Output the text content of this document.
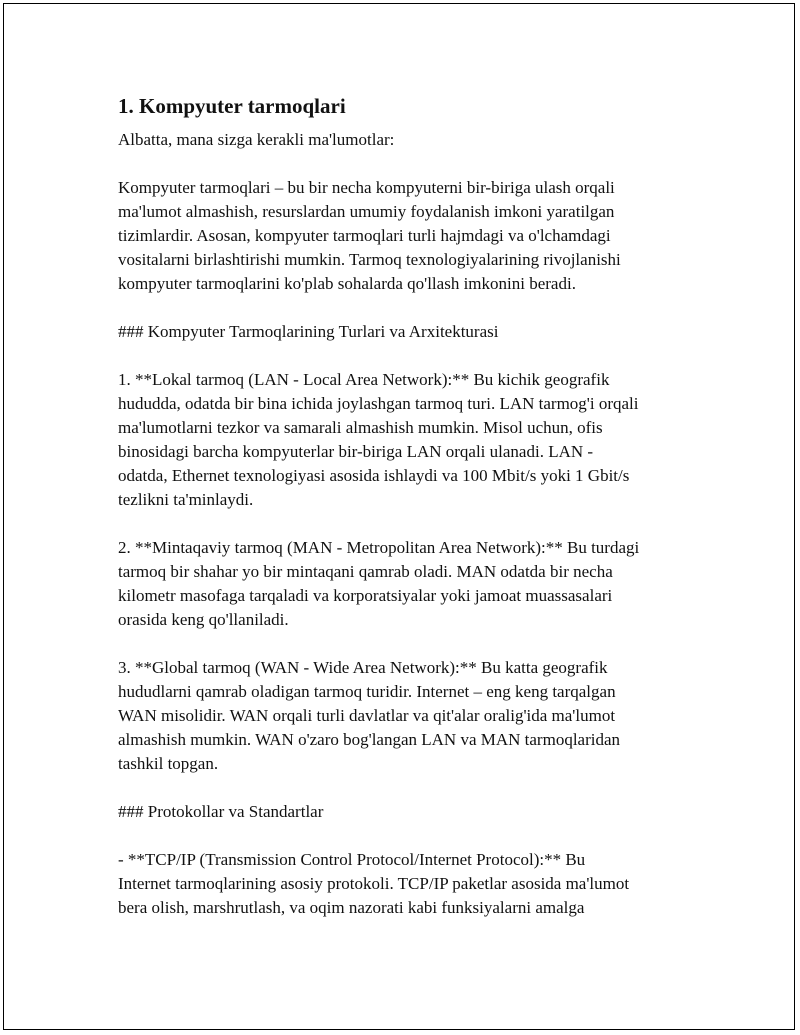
1. Kompyuter tarmoqlari
Albatta, mana sizga kerakli ma'lumotlar:
Kompyuter tarmoqlari – bu bir necha kompyuterni bir-biriga ulash orqali
ma'lumot almashish, resurslardan umumiy foydalanish imkoni yaratilgan
tizimlardir. Asosan, kompyuter tarmoqlari turli hajmdagi va o'lchamdagi
vositalarni birlashtirishi mumkin. Tarmoq texnologiyalarining rivojlanishi
kompyuter tarmoqlarini ko'plab sohalarda qo'llash imkonini beradi.
### Kompyuter Tarmoqlarining Turlari va Arxitekturasi
1. **Lokal tarmoq (LAN - Local Area Network):** Bu kichik geografik
hududda, odatda bir bina ichida joylashgan tarmoq turi. LAN tarmog'i orqali
ma'lumotlarni tezkor va samarali almashish mumkin. Misol uchun, ofis
binosidagi barcha kompyuterlar bir-biriga LAN orqali ulanadi. LAN -
odatda, Ethernet texnologiyasi asosida ishlaydi va 100 Mbit/s yoki 1 Gbit/s
tezlikni ta'minlaydi.
2. **Mintaqaviy tarmoq (MAN - Metropolitan Area Network):** Bu turdagi
tarmoq bir shahar yo bir mintaqani qamrab oladi. MAN odatda bir necha
kilometr masofaga tarqaladi va korporatsiyalar yoki jamoat muassasalari
orasida keng qo'llaniladi.
3. **Global tarmoq (WAN - Wide Area Network):** Bu katta geografik
hududlarni qamrab oladigan tarmoq turidir. Internet – eng keng tarqalgan
WAN misolidir. WAN orqali turli davlatlar va qit'alar oralig'ida ma'lumot
almashish mumkin. WAN o'zaro bog'langan LAN va MAN tarmoqlaridan
tashkil topgan.
### Protokollar va Standartlar
- **TCP/IP (Transmission Control Protocol/Internet Protocol):** Bu
Internet tarmoqlarining asosiy protokoli. TCP/IP paketlar asosida ma'lumot
bera olish, marshrutlash, va oqim nazorati kabi funksiyalarni amalga
